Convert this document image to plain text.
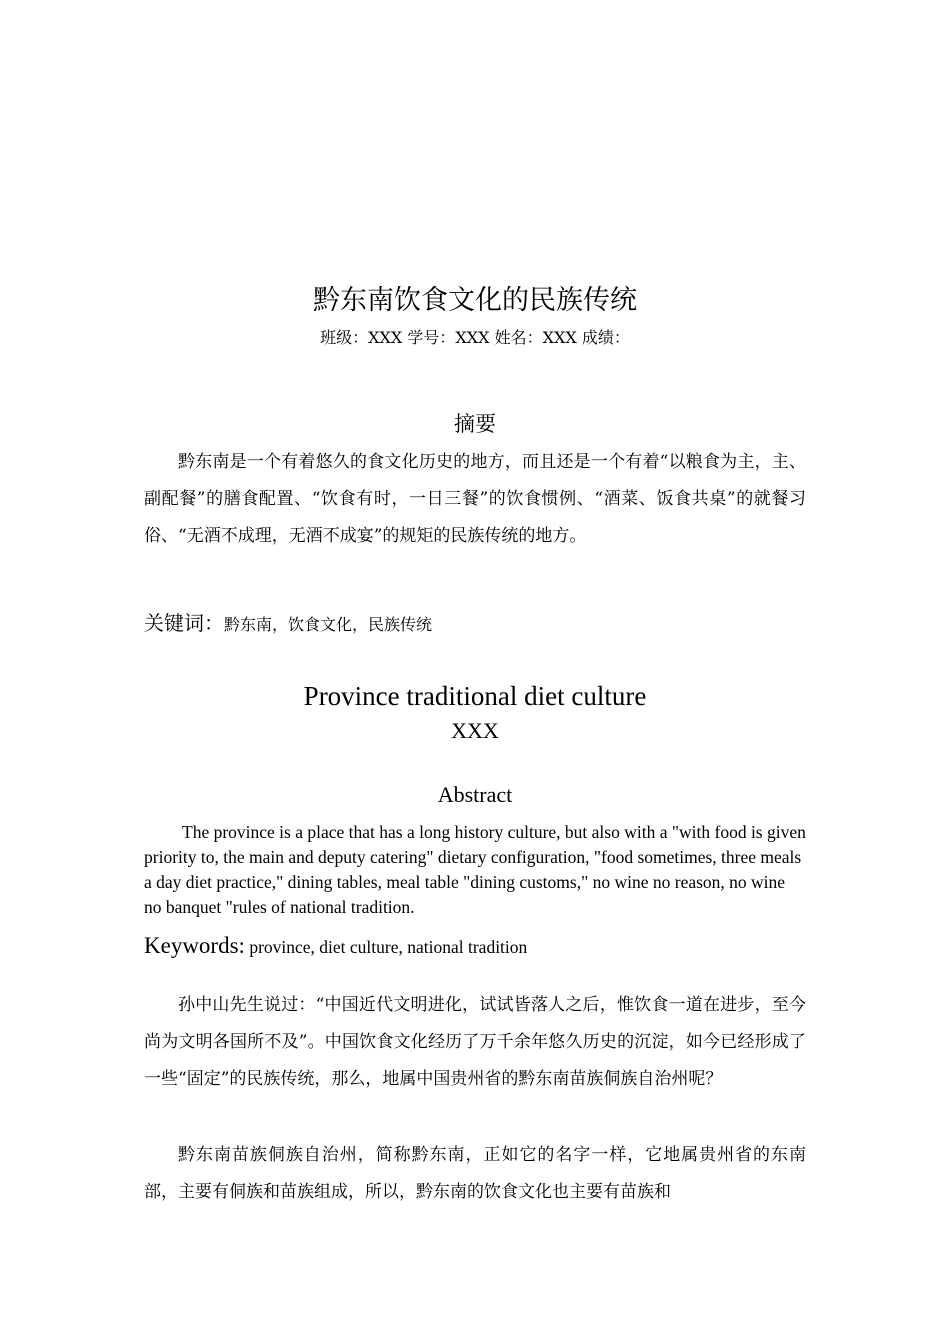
黔东南饮食文化的民族传统
班级：XXX 学号：XXX 姓名：XXX 成绩：
摘要

黔东南是一个有着悠久的食文化历史的地方，而且还是一个有着“以粮食为主，主、副配餐”的膳食配置、“饮食有时，一日三餐”的饮食惯例、“酒菜、饭食共桌”的就餐习俗、“无酒不成理，无酒不成宴”的规矩的民族传统的地方。

关键词：黔东南，饮食文化，民族传统
Province traditional diet culture
XXX
Abstract

The province is a place that has a long history culture, but also with a "with food is given priority to, the main and deputy catering" dietary configuration, "food sometimes, three meals a day diet practice," dining tables, meal table "dining customs," no wine no reason, no wine no banquet "rules of national tradition.

Keywords: province, diet culture, national tradition

孙中山先生说过：“中国近代文明进化，试试皆落人之后，惟饮食一道在进步，至今尚为文明各国所不及”。中国饮食文化经历了万千余年悠久历史的沉淀，如今已经形成了一些“固定”的民族传统，那么，地属中国贵州省的黔东南苗族侗族自治州呢？

黔东南苗族侗族自治州，简称黔东南，正如它的名字一样，它地属贵州省的东南部，主要有侗族和苗族组成，所以，黔东南的饮食文化也主要有苗族和
